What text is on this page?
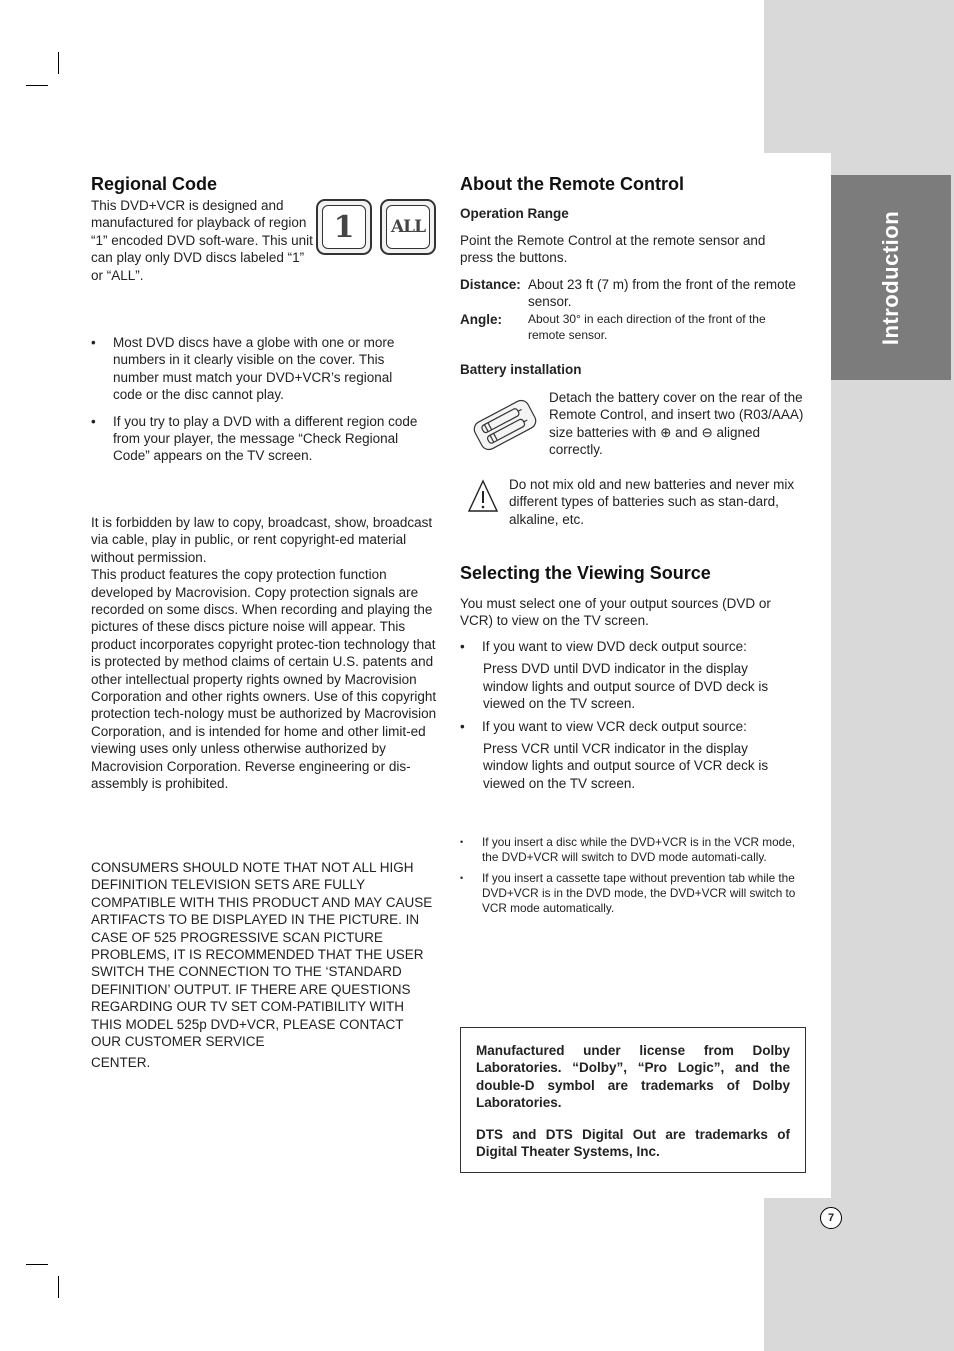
Introduction
7
Regional Code

This DVD+VCR is designed and manufactured for playback of region “1” encoded DVD soft-ware. This unit can play only DVD discs labeled “1” or “ALL”.

1	ALL

• Most DVD discs have a globe with one or more numbers in it clearly visible on the cover. This number must match your DVD+VCR’s regional code or the disc cannot play.

• If you try to play a DVD with a different region code from your player, the message “Check Regional Code” appears on the TV screen.

It is forbidden by law to copy, broadcast, show, broadcast via cable, play in public, or rent copyright-ed material without permission.

This product features the copy protection function developed by Macrovision. Copy protection signals are recorded on some discs. When recording and playing the pictures of these discs picture noise will appear. This product incorporates copyright protec-tion technology that is protected by method claims of certain U.S. patents and other intellectual property rights owned by Macrovision Corporation and other rights owners. Use of this copyright protection tech-nology must be authorized by Macrovision Corporation, and is intended for home and other limit-ed viewing uses only unless otherwise authorized by Macrovision Corporation. Reverse engineering or dis-assembly is prohibited.

CONSUMERS SHOULD NOTE THAT NOT ALL HIGH DEFINITION TELEVISION SETS ARE FULLY COMPATIBLE WITH THIS PRODUCT AND MAY CAUSE ARTIFACTS TO BE DISPLAYED IN THE PICTURE. IN CASE OF 525 PROGRESSIVE SCAN PICTURE PROBLEMS, IT IS RECOMMENDED THAT THE USER SWITCH THE CONNECTION TO THE ‘STANDARD DEFINITION’ OUTPUT. IF THERE ARE QUESTIONS REGARDING OUR TV SET COM-PATIBILITY WITH THIS MODEL 525p DVD+VCR, PLEASE CONTACT OUR CUSTOMER SERVICE

CENTER.

About the Remote Control

Operation Range

Point the Remote Control at the remote sensor and press the buttons.

Distance: About 23 ft (7 m) from the front of the remote sensor.
Angle:	About 30° in each direction of the front of the remote sensor.

Battery installation

Detach the battery cover on the rear of the Remote Control, and insert two (R03/AAA) size batteries with ⊕ and ⊖ aligned correctly.

Do not mix old and new batteries and never mix different types of batteries such as stan-dard, alkaline, etc.

Selecting the Viewing Source

You must select one of your output sources (DVD or VCR) to view on the TV screen.

• If you want to view DVD deck output source:

Press DVD until DVD indicator in the display window lights and output source of DVD deck is viewed on the TV screen.

• If you want to view VCR deck output source:

Press VCR until VCR indicator in the display window lights and output source of VCR deck is viewed on the TV screen.

• If you insert a disc while the DVD+VCR is in the VCR mode, the DVD+VCR will switch to DVD mode automati-cally.

• If you insert a cassette tape without prevention tab while the DVD+VCR is in the DVD mode, the DVD+VCR will switch to VCR mode automatically.

Manufactured under license from Dolby Laboratories. “Dolby”, “Pro Logic”, and the double-D symbol are trademarks of Dolby Laboratories.

DTS and DTS Digital Out are trademarks of Digital Theater Systems, Inc.
